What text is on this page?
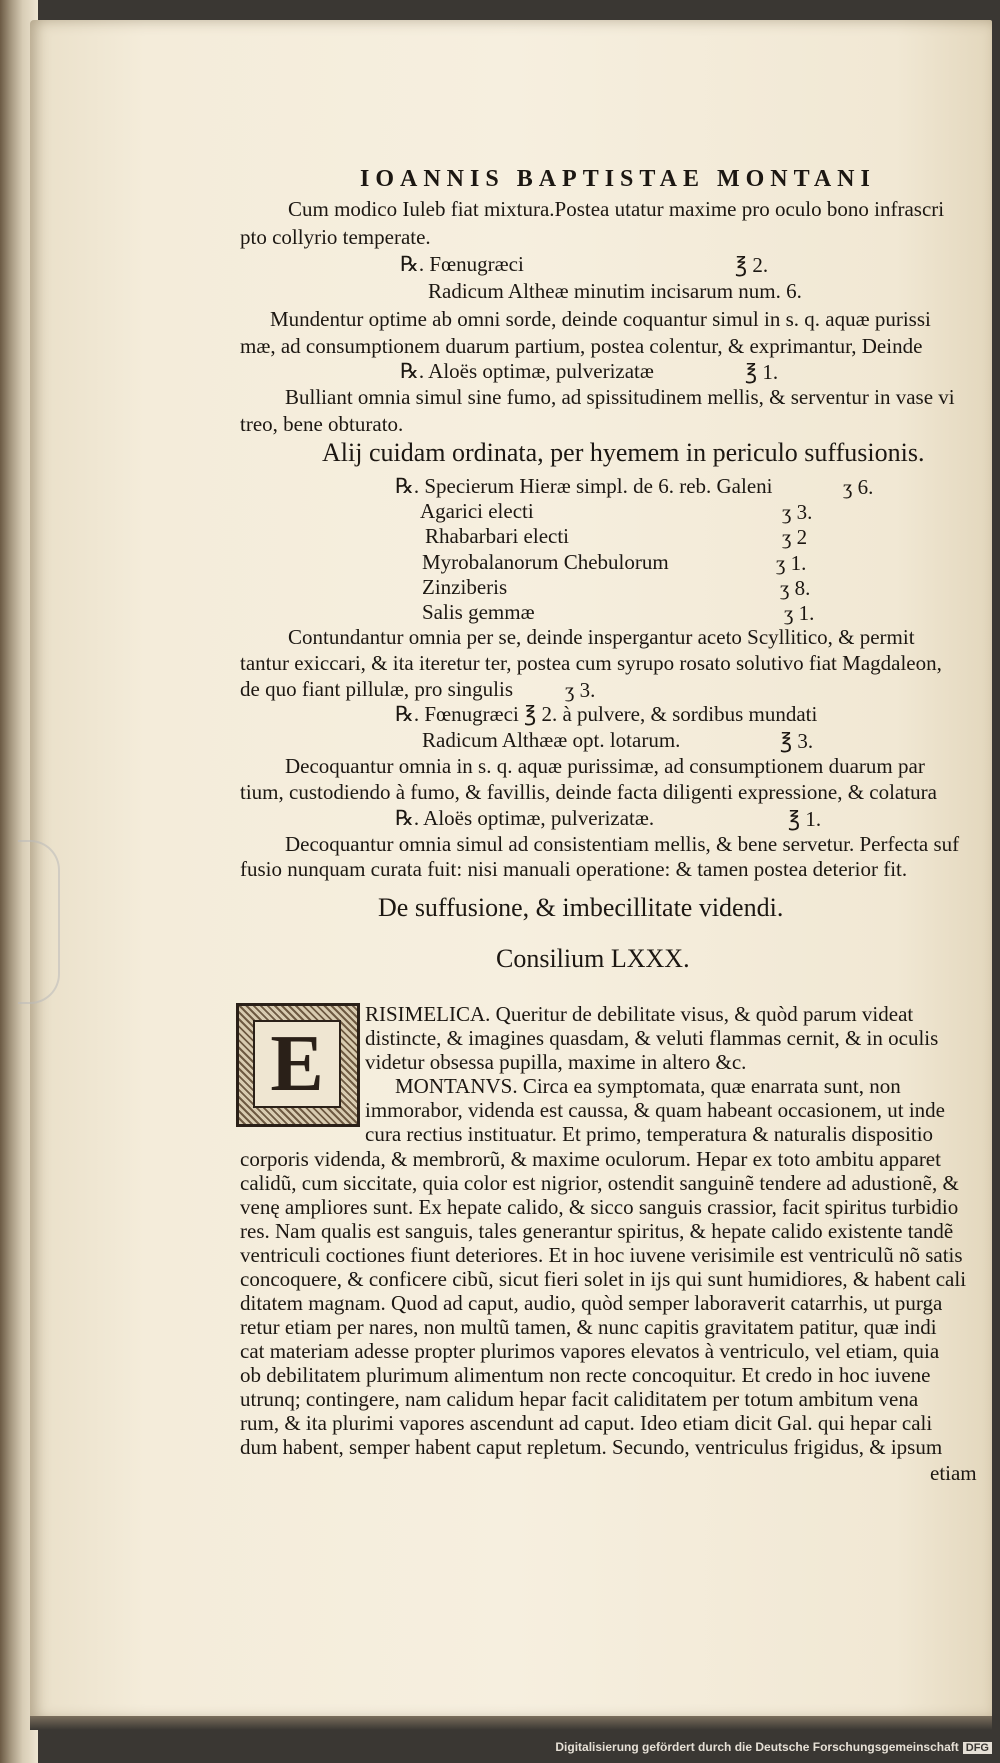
IOANNIS BAPTISTAE MONTANI
Cum modico Iuleb fiat mixtura.Postea utatur maxime pro oculo bono infrascri
pto collyrio temperate.
℞. Fœnugræci
Radicum Altheæ minutim incisarum num. 6.
Mundentur optime ab omni sorde, deinde coquantur simul in s. q. aquæ purissi
mæ, ad consumptionem duarum partium, postea colentur, & exprimantur, Deinde
℞. Aloës optimæ, pulverizatæ
Bulliant omnia simul sine fumo, ad spissitudinem mellis, & serventur in vase vi
treo, bene obturato.
℞. Specierum Hieræ simpl. de 6. reb. Galeni
Agarici electi
Rhabarbari electi
Myrobalanorum Chebulorum
Zinziberis
Salis gemmæ
Contundantur omnia per se, deinde inspergantur aceto Scyllitico, & permit
tantur exiccari, & ita iteretur ter, postea cum syrupo rosato solutivo fiat Magdaleon,
de quo fiant pillulæ, pro singulis
℞. Fœnugræci ℥ 2. à pulvere, & sordibus mundati
Radicum Althææ opt. lotarum.
Decoquantur omnia in s. q. aquæ purissimæ, ad consumptionem duarum par
tium, custodiendo à fumo, & favillis, deinde facta diligenti expressione, & colatura
℞. Aloës optimæ, pulverizatæ.
Decoquantur omnia simul ad consistentiam mellis, & bene servetur. Perfecta suf
fusio nunquam curata fuit: nisi manuali operatione: & tamen postea deterior fit.
Alij cuidam ordinata, per hyemem in periculo suffusionis.
De suffusione, & imbecillitate videndi.
Consilium LXXX.
E
RISIMELICA. Queritur de debilitate visus, & quòd parum videat
distincte, & imagines quasdam, & veluti flammas cernit, & in oculis
videtur obsessa pupilla, maxime in altero &c.
MONTANVS. Circa ea symptomata, quæ enarrata sunt, non
immorabor, videnda est caussa, & quam habeant occasionem, ut inde
cura rectius instituatur. Et primo, temperatura & naturalis dispositio
corporis videnda, & membrorũ, & maxime oculorum. Hepar ex toto ambitu apparet
calidũ, cum siccitate, quia color est nigrior, ostendit sanguinẽ tendere ad adustionẽ, &
venę ampliores sunt. Ex hepate calido, & sicco sanguis crassior, facit spiritus turbidio
res. Nam qualis est sanguis, tales generantur spiritus, & hepate calido existente tandẽ
ventriculi coctiones fiunt deteriores. Et in hoc iuvene verisimile est ventriculũ nõ satis
concoquere, & conficere cibũ, sicut fieri solet in ijs qui sunt humidiores, & habent cali
ditatem magnam. Quod ad caput, audio, quòd semper laboraverit catarrhis, ut purga
retur etiam per nares, non multũ tamen, & nunc capitis gravitatem patitur, quæ indi
cat materiam adesse propter plurimos vapores elevatos à ventriculo, vel etiam, quia
ob debilitatem plurimum alimentum non recte concoquitur. Et credo in hoc iuvene
utrunq; contingere, nam calidum hepar facit caliditatem per totum ambitum vena
rum, & ita plurimi vapores ascendunt ad caput. Ideo etiam dicit Gal. qui hepar cali
dum habent, semper habent caput repletum. Secundo, ventriculus frigidus, & ipsum
etiam
℥ 2.
℥ 1.
ʒ 6.
ʒ 3.
ʒ 2
ʒ 1.
ʒ 8.
ʒ 1.
ʒ 3.
℥ 3.
℥ 1.
Digitalisierung gefördert durch die Deutsche Forschungsgemeinschaft DFG
